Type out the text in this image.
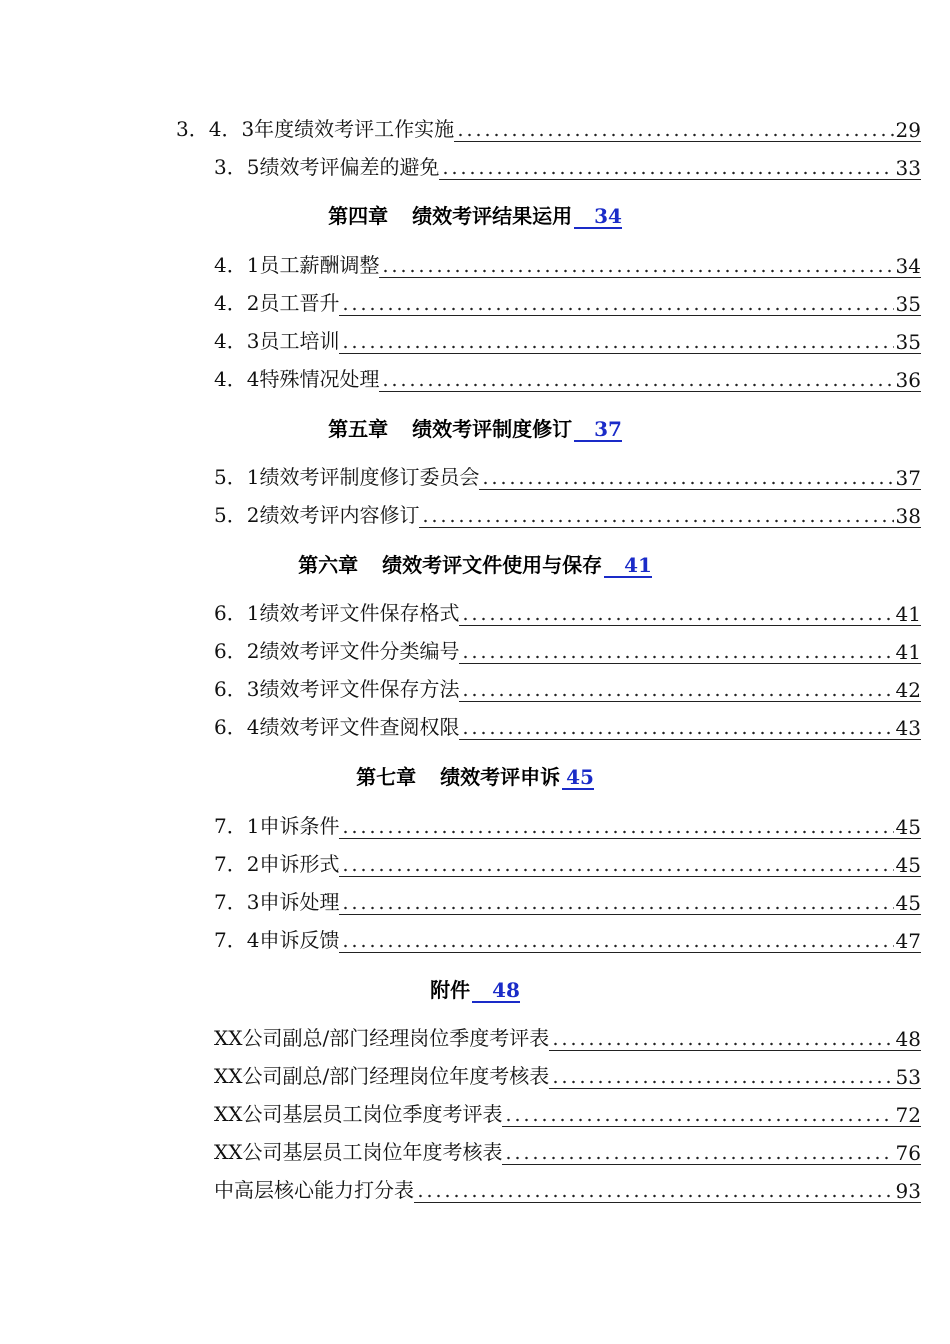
3．4．3年度绩效考评工作实施	29
3．5绩效考评偏差的避免	33
第四章 绩效考评结果运用	34
4．1员工薪酬调整	34
4．2员工晋升	35
4．3员工培训	35
4．4特殊情况处理	36
第五章 绩效考评制度修订	37
5．1绩效考评制度修订委员会	37
5．2绩效考评内容修订	38
第六章 绩效考评文件使用与保存	41
6．1绩效考评文件保存格式	41
6．2绩效考评文件分类编号	41
6．3绩效考评文件保存方法	42
6．4绩效考评文件查阅权限	43
第七章 绩效考评申诉 45
7．1申诉条件	45
7．2申诉形式	45
7．3申诉处理	45
7．4申诉反馈	47
附件	48
XX公司副总/部门经理岗位季度考评表	48
XX公司副总/部门经理岗位年度考核表	53
XX公司基层员工岗位季度考评表	72
XX公司基层员工岗位年度考核表	76
中高层核心能力打分表	93
